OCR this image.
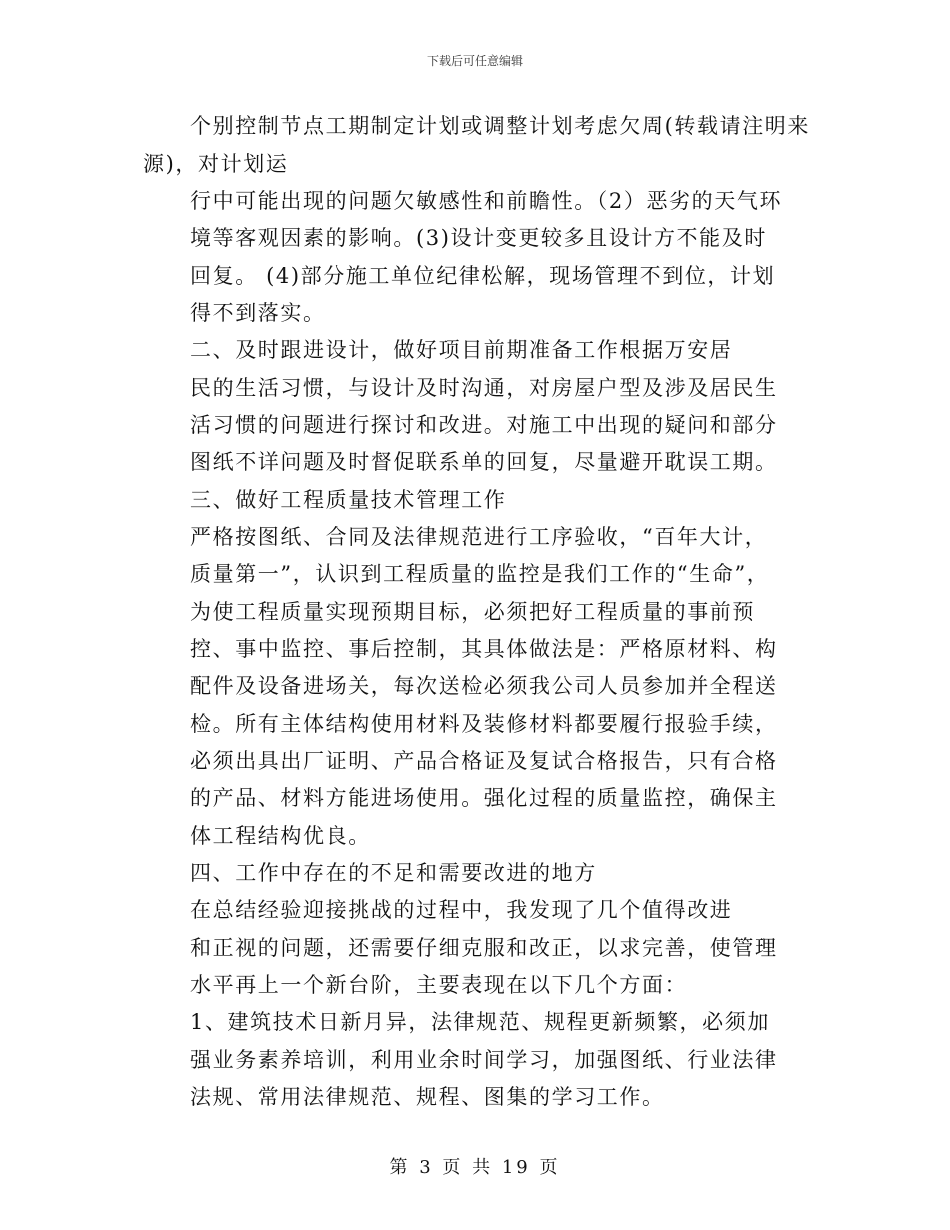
下载后可任意编辑
个别控制节点工期制定计划或调整计划考虑欠周(转载请注明来
源)，对计划运
行中可能出现的问题欠敏感性和前瞻性。（2）恶劣的天气环
境等客观因素的影响。(3)设计变更较多且设计方不能及时
回复。 (4)部分施工单位纪律松解，现场管理不到位，计划
得不到落实。
二、及时跟进设计，做好项目前期准备工作根据万安居
民的生活习惯，与设计及时沟通，对房屋户型及涉及居民生
活习惯的问题进行探讨和改进。对施工中出现的疑问和部分
图纸不详问题及时督促联系单的回复，尽量避开耽误工期。
三、做好工程质量技术管理工作
严格按图纸、合同及法律规范进行工序验收，“百年大计，
质量第一”，认识到工程质量的监控是我们工作的“生命”，
为使工程质量实现预期目标，必须把好工程质量的事前预
控、事中监控、事后控制，其具体做法是：严格原材料、构
配件及设备进场关，每次送检必须我公司人员参加并全程送
检。所有主体结构使用材料及装修材料都要履行报验手续，
必须出具出厂证明、产品合格证及复试合格报告，只有合格
的产品、材料方能进场使用。强化过程的质量监控，确保主
体工程结构优良。
四、工作中存在的不足和需要改进的地方
在总结经验迎接挑战的过程中，我发现了几个值得改进
和正视的问题，还需要仔细克服和改正，以求完善，使管理
水平再上一个新台阶，主要表现在以下几个方面：
1、建筑技术日新月异，法律规范、规程更新频繁，必须加
强业务素养培训，利用业余时间学习，加强图纸、行业法律
法规、常用法律规范、规程、图集的学习工作。
第 3 页 共 19 页
